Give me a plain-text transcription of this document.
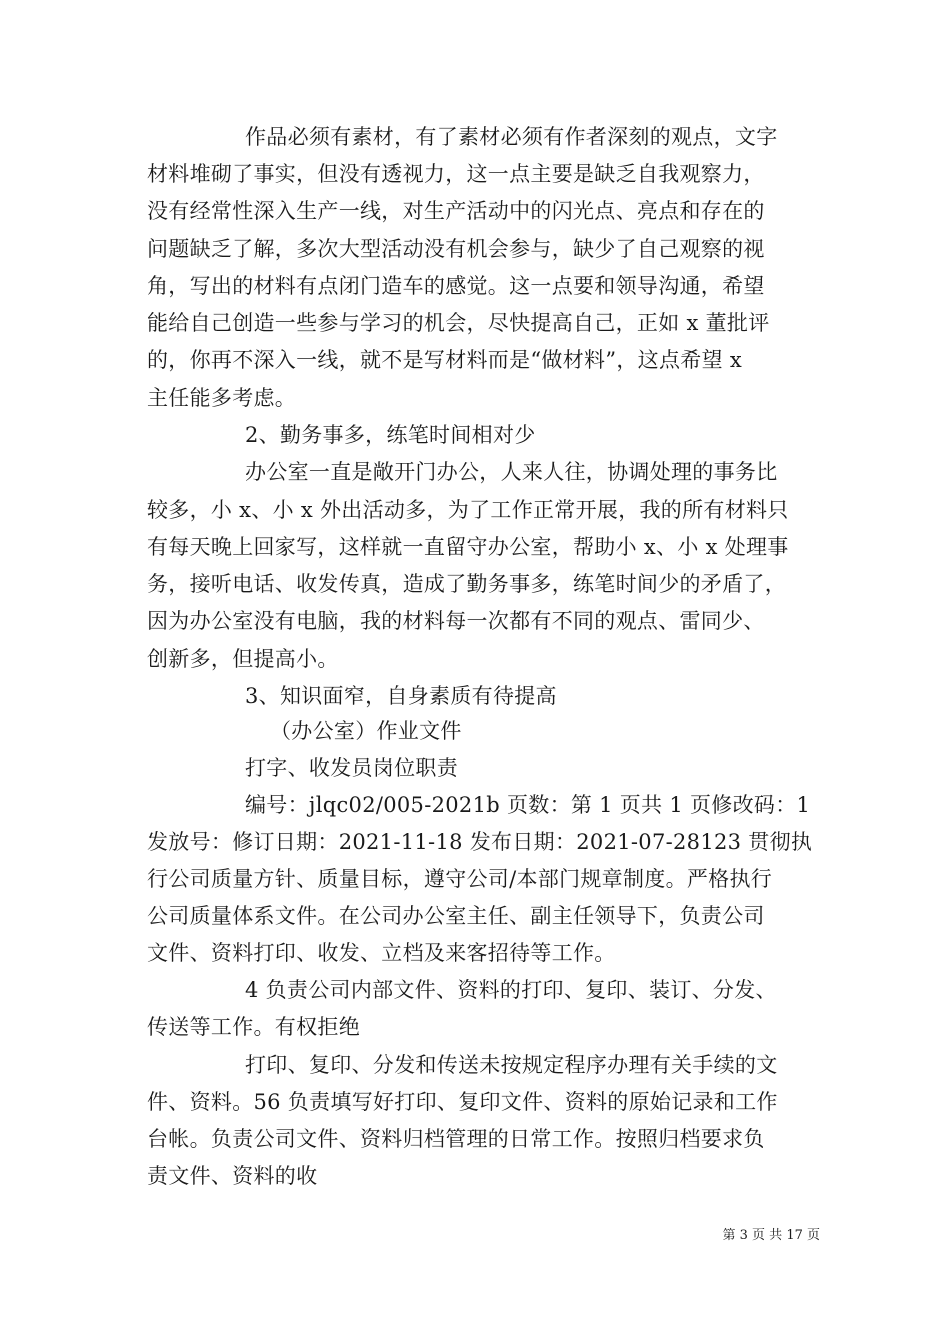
作品必须有素材，有了素材必须有作者深刻的观点，文字
材料堆砌了事实，但没有透视力，这一点主要是缺乏自我观察力，
没有经常性深入生产一线，对生产活动中的闪光点、亮点和存在的
问题缺乏了解，多次大型活动没有机会参与，缺少了自己观察的视
角，写出的材料有点闭门造车的感觉。这一点要和领导沟通，希望
能给自己创造一些参与学习的机会，尽快提高自己，正如 x 董批评
的，你再不深入一线，就不是写材料而是“做材料”，这点希望 x
主任能多考虑。
2、勤务事多，练笔时间相对少
办公室一直是敞开门办公，人来人往，协调处理的事务比
较多，小 x、小 x 外出活动多，为了工作正常开展，我的所有材料只
有每天晚上回家写，这样就一直留守办公室，帮助小 x、小 x 处理事
务，接听电话、收发传真，造成了勤务事多，练笔时间少的矛盾了，
因为办公室没有电脑，我的材料每一次都有不同的观点、雷同少、
创新多，但提高小。
3、知识面窄，自身素质有待提高
（办公室）作业文件
打字、收发员岗位职责
编号：jlqc02/005-2021b 页数：第 1 页共 1 页修改码：1
发放号：修订日期：2021-11-18 发布日期：2021-07-28123 贯彻执
行公司质量方针、质量目标，遵守公司/本部门规章制度。严格执行
公司质量体系文件。在公司办公室主任、副主任领导下，负责公司
文件、资料打印、收发、立档及来客招待等工作。
4 负责公司内部文件、资料的打印、复印、装订、分发、
传送等工作。有权拒绝
打印、复印、分发和传送未按规定程序办理有关手续的文
件、资料。56 负责填写好打印、复印文件、资料的原始记录和工作
台帐。负责公司文件、资料归档管理的日常工作。按照归档要求负
责文件、资料的收
第 3 页 共 17 页
